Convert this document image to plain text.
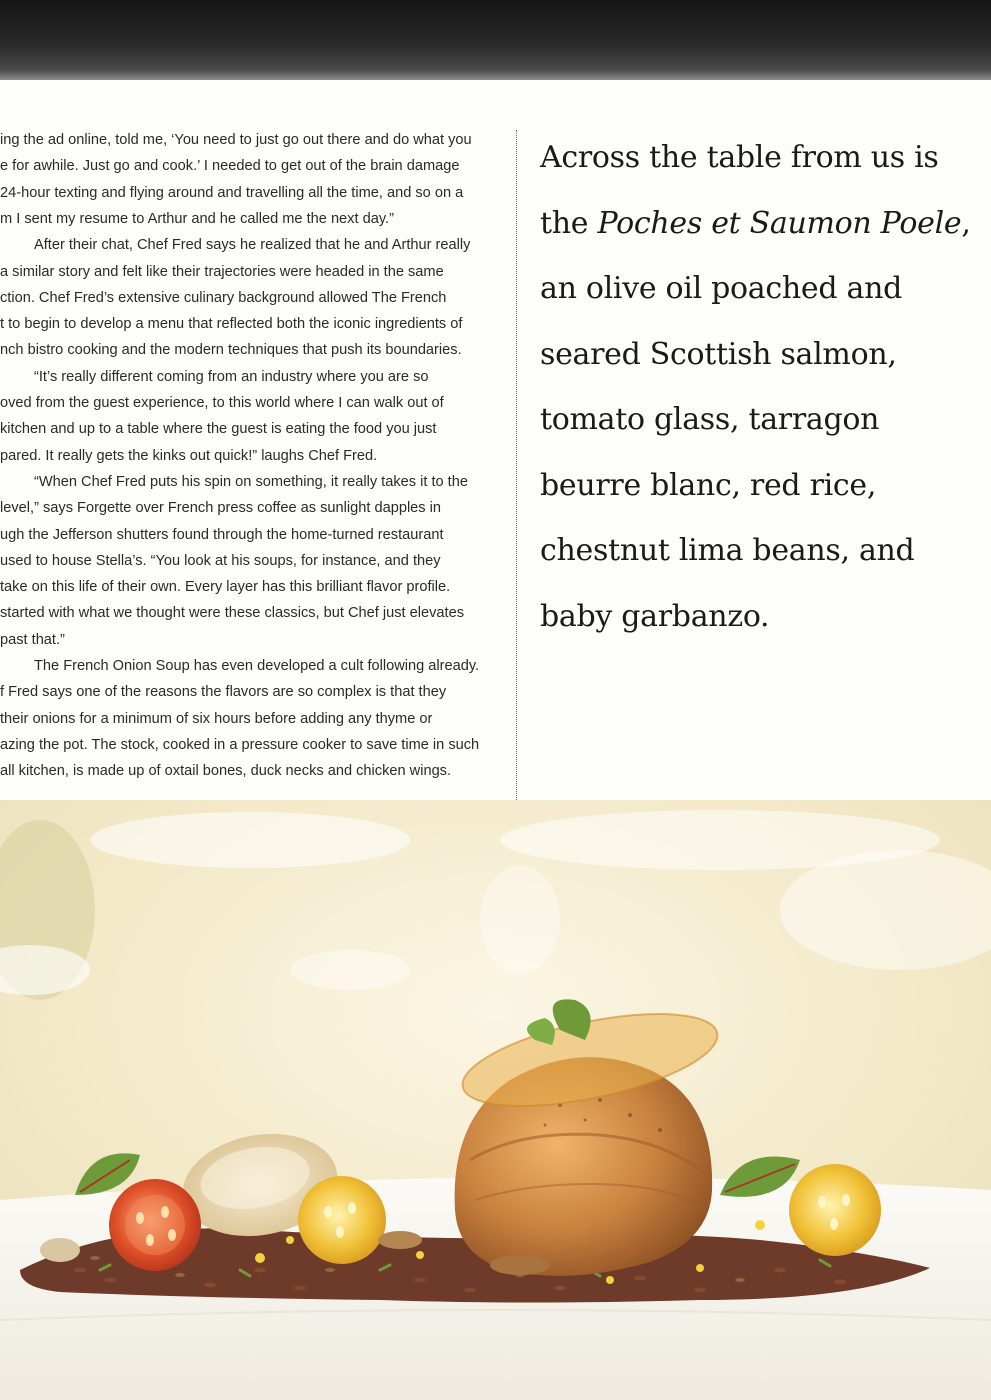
ing the ad online, told me, ‘You need to just go out there and do what you
e for awhile. Just go and cook.’ I needed to get out of the brain damage
24-hour texting and flying around and travelling all the time, and so on a
m I sent my resume to Arthur and he called me the next day.”
After their chat, Chef Fred says he realized that he and Arthur really
a similar story and felt like their trajectories were headed in the same
ction. Chef Fred’s extensive culinary background allowed The French
t to begin to develop a menu that reflected both the iconic ingredients of
nch bistro cooking and the modern techniques that push its boundaries.
“It’s really different coming from an industry where you are so
oved from the guest experience, to this world where I can walk out of
kitchen and up to a table where the guest is eating the food you just
pared. It really gets the kinks out quick!” laughs Chef Fred.
“When Chef Fred puts his spin on something, it really takes it to the
level,” says Forgette over French press coffee as sunlight dapples in
ugh the Jefferson shutters found through the home-turned restaurant
used to house Stella’s. “You look at his soups, for instance, and they
take on this life of their own. Every layer has this brilliant flavor profile.
started with what we thought were these classics, but Chef just elevates
past that.”
The French Onion Soup has even developed a cult following already.
f Fred says one of the reasons the flavors are so complex is that they
their onions for a minimum of six hours before adding any thyme or
azing the pot. The stock, cooked in a pressure cooker to save time in such
all kitchen, is made up of oxtail bones, duck necks and chicken wings.
Across the table from us is
the Poches et Saumon Poele,
an olive oil poached and
seared Scottish salmon,
tomato glass, tarragon
beurre blanc, red rice,
chestnut lima beans, and
baby garbanzo.
